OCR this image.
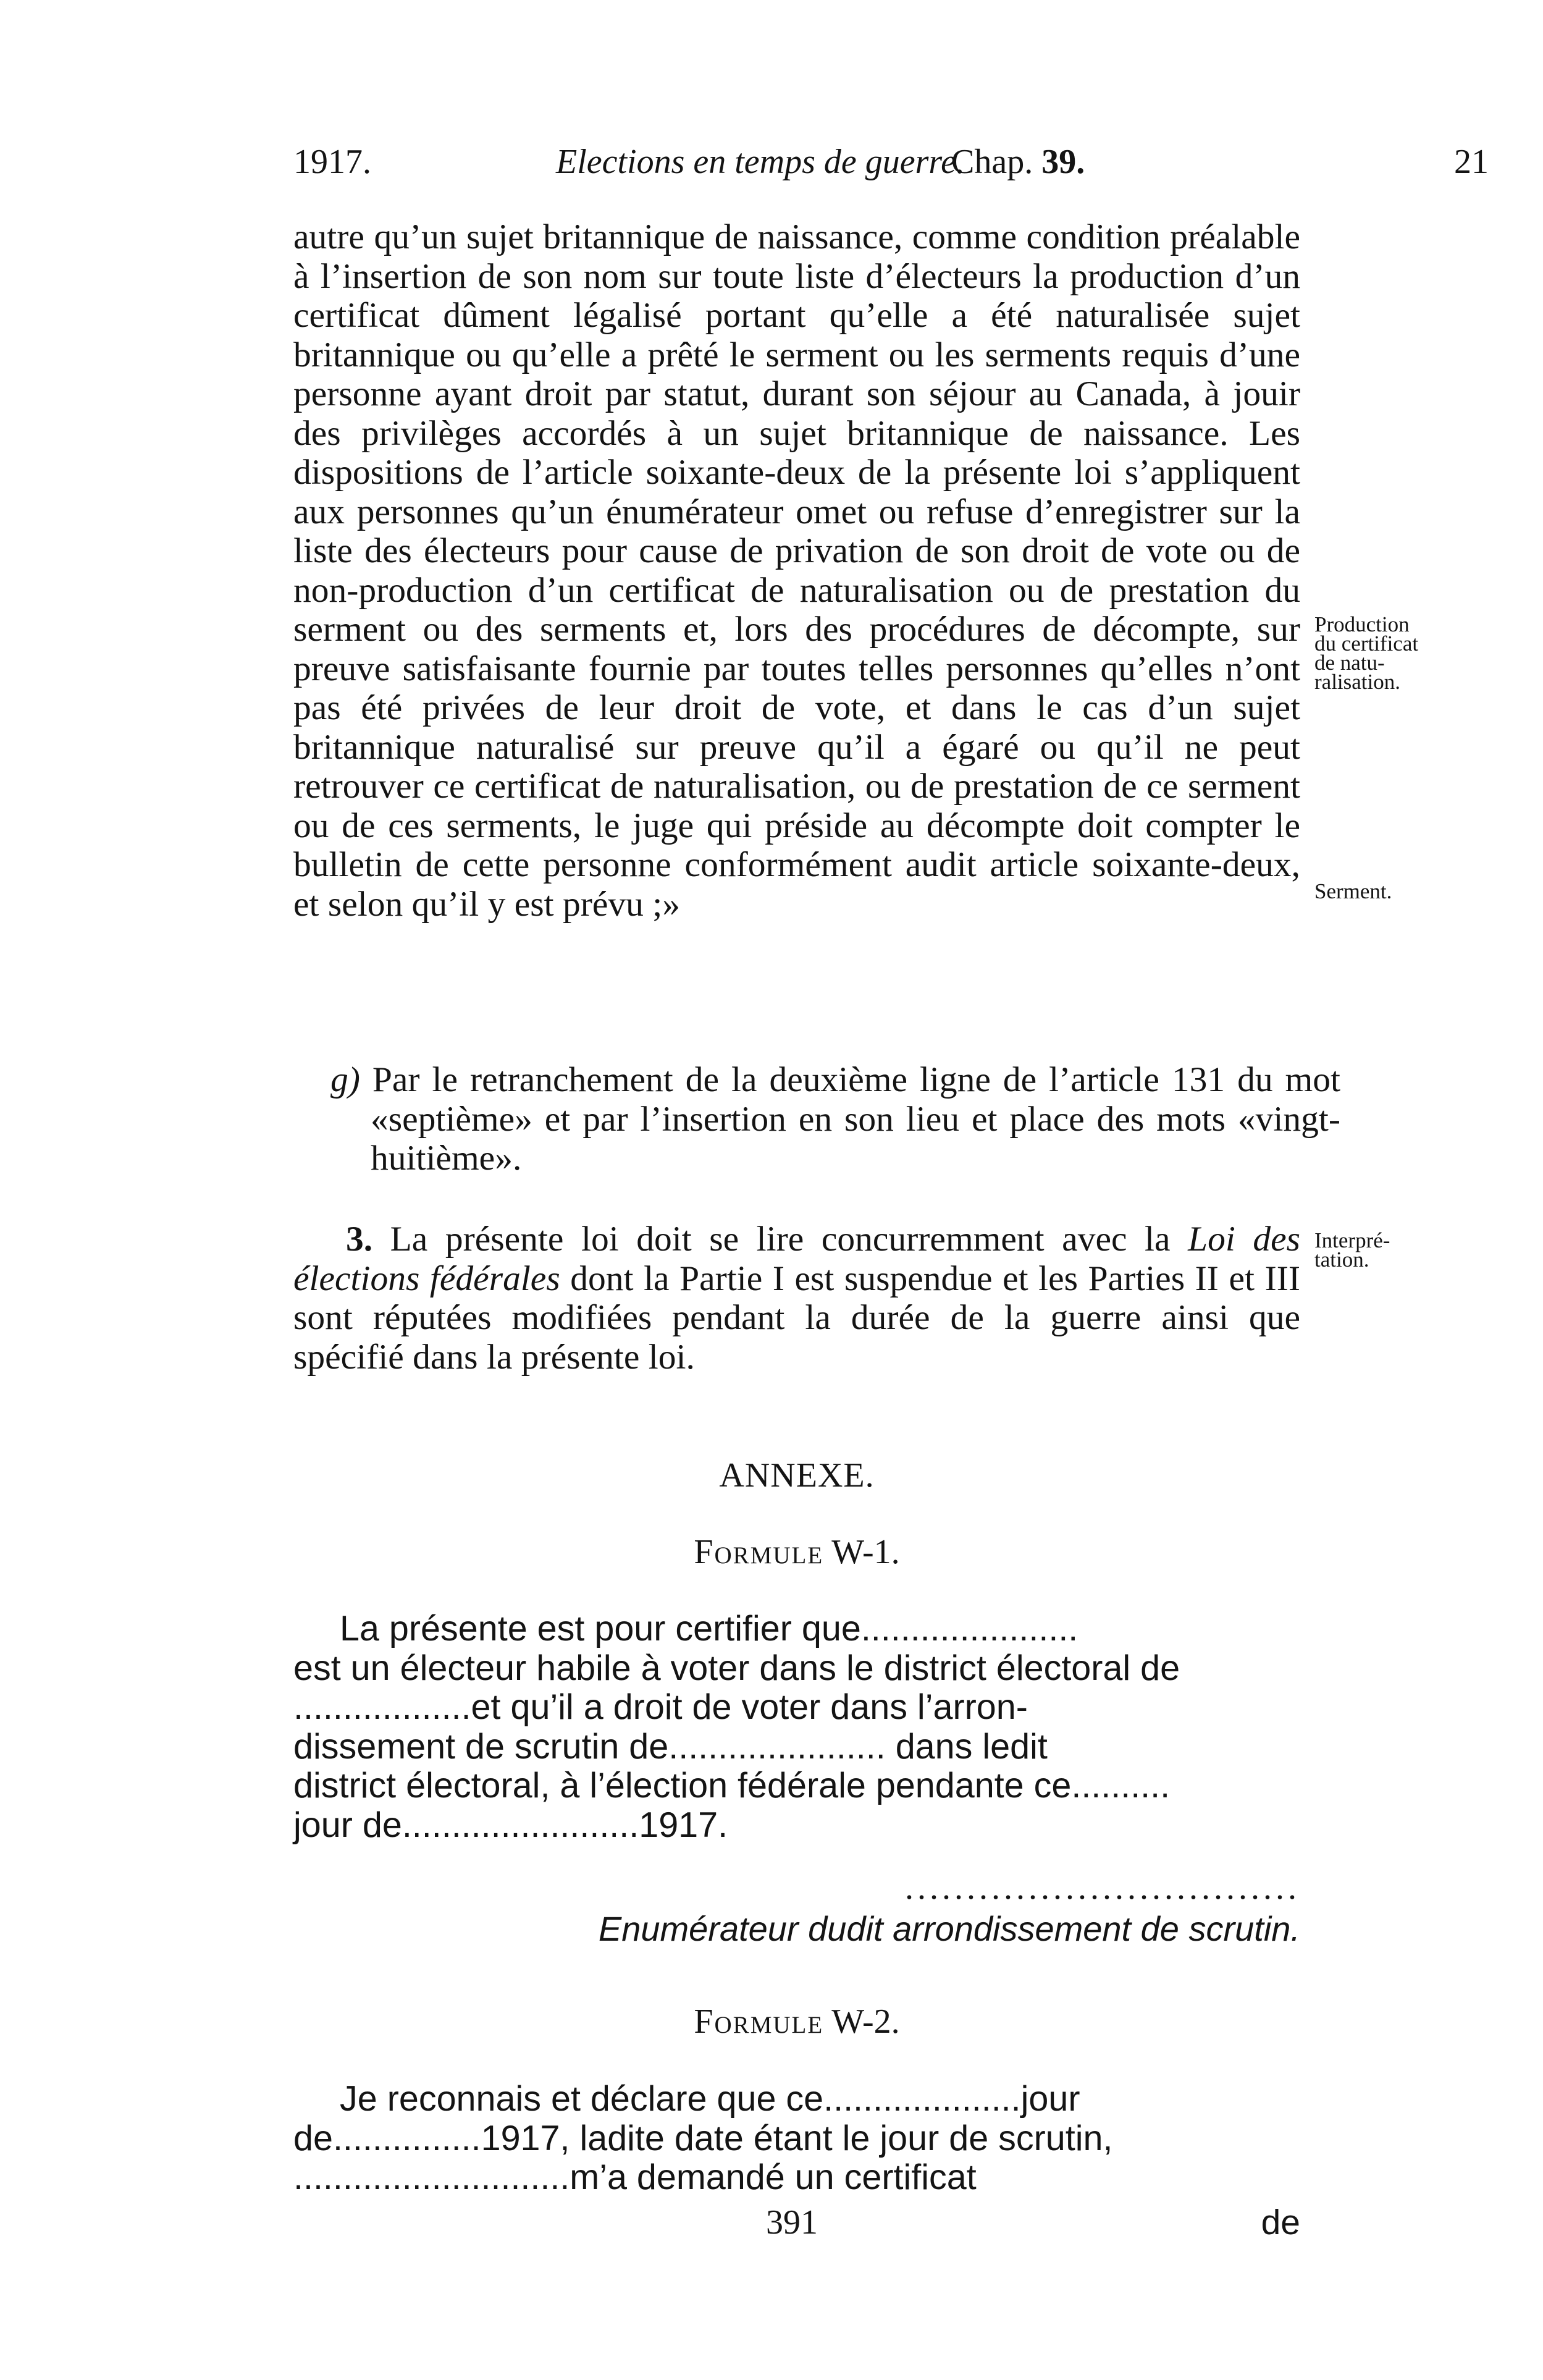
1917.	Elections en temps de guerre.
Chap. 39.	21

autre qu’un sujet britannique de naissance, comme condition préalable à l’insertion de son nom sur toute liste d’électeurs la production d’un certificat dûment légalisé portant qu’elle a été naturalisée sujet britannique ou qu’elle a prêté le serment ou les serments requis d’une personne ayant droit par statut, durant son séjour au Canada, à jouir des privilèges accordés à un sujet britannique de naissance. Les dispositions de l’article soixante-deux de la présente loi s’appliquent aux personnes qu’un énumérateur omet ou refuse d’enregistrer sur la liste des électeurs pour cause de privation de son droit de vote ou de non-production d’un certificat de naturalisation ou de prestation du serment ou des serments et, lors des procédures de décompte, sur preuve satisfaisante fournie par toutes telles personnes qu’elles n’ont pas été privées de leur droit de vote, et dans le cas d’un sujet britannique naturalisé sur preuve qu’il a égaré ou qu’il ne peut retrouver ce certificat de naturalisation, ou de prestation de ce serment ou de ces serments, le juge qui préside au décompte doit compter le bulletin de cette personne conformément audit article soixante-deux, et selon qu’il y est prévu ;»

Production
du certificat
de natu-
ralisation.
Serment.

g) Par le retranchement de la deuxième ligne de l’article 131 du mot «septième» et par l’insertion en son lieu et place des mots «vingt-huitième».

3. La présente loi doit se lire concurremment avec la Loi des élections fédérales dont la Partie I est suspendue et les Parties II et III sont réputées modifiées pendant la durée de la guerre ainsi que spécifié dans la présente loi.

Interpré-
tation.
ANNEXE.
Formule W-1.
La présente est pour certifier que......................
est un électeur habile à voter dans le district électoral de
..................et qu’il a droit de voter dans l’arron-
dissement de scrutin de...................... dans ledit
district électoral, à l’élection fédérale pendante ce..........
jour de........................1917.
................................
Enumérateur dudit arrondissement de scrutin.
Formule W-2.
Je reconnais et déclare que ce....................jour
de...............1917, ladite date étant le jour de scrutin,
............................m’a demandé un certificat
391	de
